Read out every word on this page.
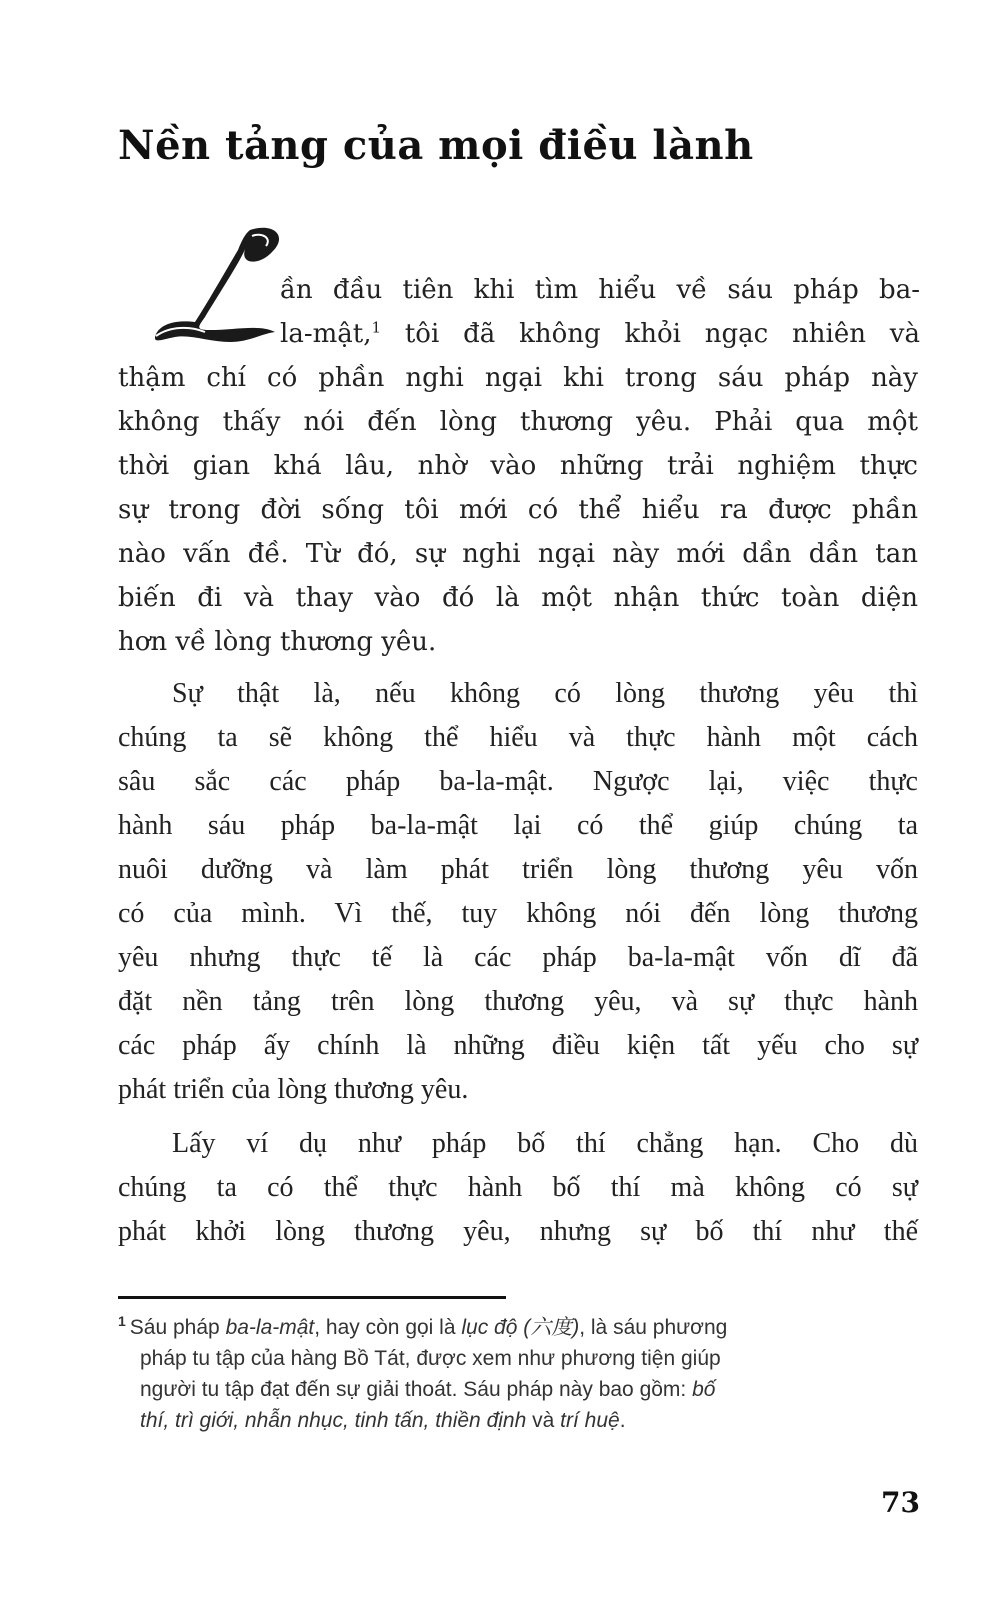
Nền tảng của mọi điều lành
ần đầu tiên khi tìm hiểu về sáu pháp ba-
la-mật,$^1$ tôi đã không khỏi ngạc nhiên và
thậm chí có phần nghi ngại khi trong sáu pháp này
không thấy nói đến lòng thương yêu. Phải qua một
thời gian khá lâu, nhờ vào những trải nghiệm thực
sự trong đời sống tôi mới có thể hiểu ra được phần
nào vấn đề. Từ đó, sự nghi ngại này mới dần dần tan
biến đi và thay vào đó là một nhận thức toàn diện
hơn về lòng thương yêu.
Sự thật là, nếu không có lòng thương yêu thì
chúng ta sẽ không thể hiểu và thực hành một cách
sâu sắc các pháp ba-la-mật. Ngược lại, việc thực
hành sáu pháp ba-la-mật lại có thể giúp chúng ta
nuôi dưỡng và làm phát triển lòng thương yêu vốn
có của mình. Vì thế, tuy không nói đến lòng thương
yêu nhưng thực tế là các pháp ba-la-mật vốn dĩ đã
đặt nền tảng trên lòng thương yêu, và sự thực hành
các pháp ấy chính là những điều kiện tất yếu cho sự
phát triển của lòng thương yêu.
Lấy ví dụ như pháp bố thí chẳng hạn. Cho dù
chúng ta có thể thực hành bố thí mà không có sự
phát khởi lòng thương yêu, nhưng sự bố thí như thế
$^1$ Sáu pháp ba-la-mật, hay còn gọi là lục độ (六度), là sáu phương
pháp tu tập của hàng Bồ Tát, được xem như phương tiện giúp
người tu tập đạt đến sự giải thoát. Sáu pháp này bao gồm: bố
thí, trì giới, nhẫn nhục, tinh tấn, thiền định và trí huệ.
73
